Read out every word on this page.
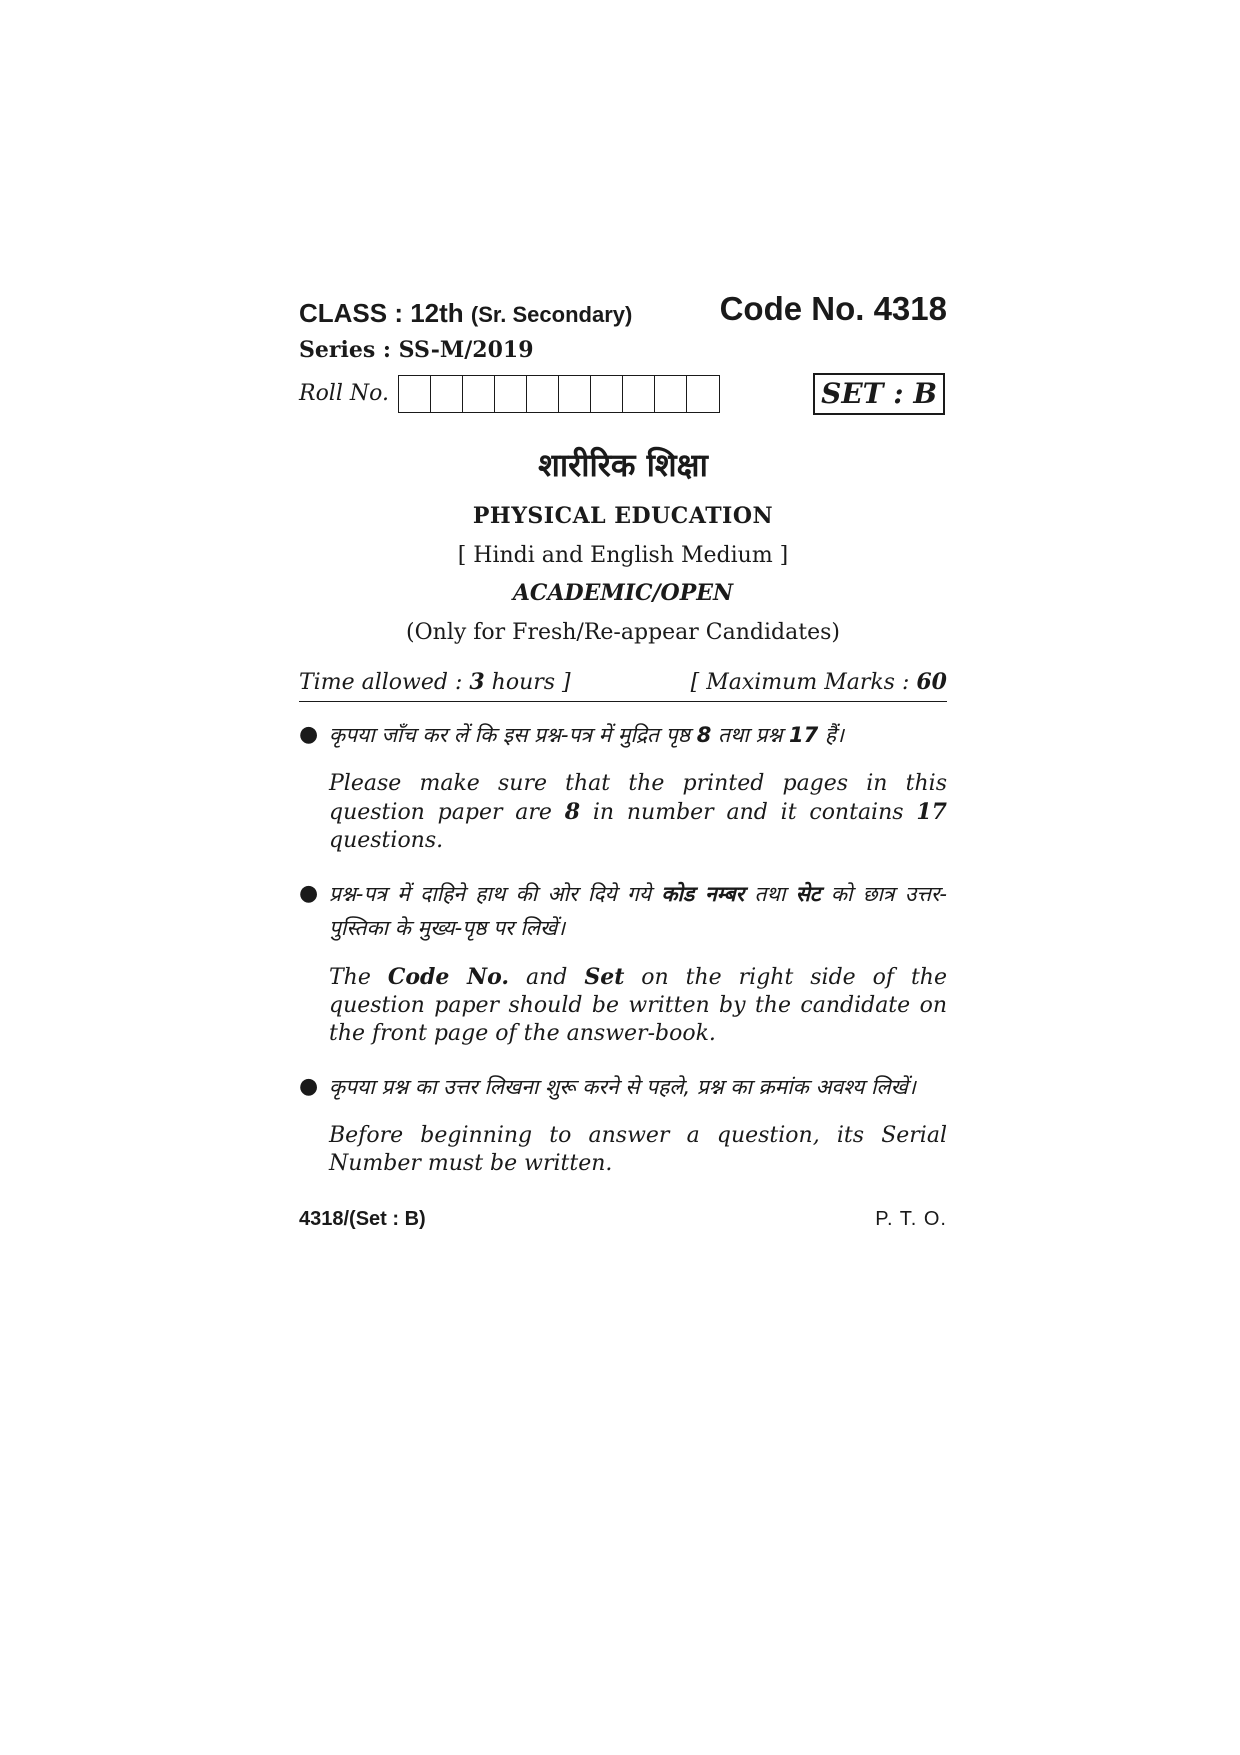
CLASS : 12th (Sr. Secondary)	Code No. 4318
Series : SS-M/2019
Roll No.	SET : B
शारीरिक शिक्षा
PHYSICAL EDUCATION
[ Hindi and English Medium ]
ACADEMIC/OPEN
(Only for Fresh/Re-appear Candidates)
Time allowed : 3 hours ]	[ Maximum Marks : 60
● कृपया जाँच कर लें कि इस प्रश्न-पत्र में मुद्रित पृष्ठ 8 तथा प्रश्न 17 हैं।
Please make sure that the printed pages in this question paper are 8 in number and it contains 17 questions.
● प्रश्न-पत्र में दाहिने हाथ की ओर दिये गये कोड नम्बर तथा सेट को छात्र उत्तर-पुस्तिका के मुख्य-पृष्ठ पर लिखें।
The Code No. and Set on the right side of the question paper should be written by the candidate on the front page of the answer-book.
● कृपया प्रश्न का उत्तर लिखना शुरू करने से पहले, प्रश्न का क्रमांक अवश्य लिखें।
Before beginning to answer a question, its Serial Number must be written.
4318/(Set : B)	P. T. O.
